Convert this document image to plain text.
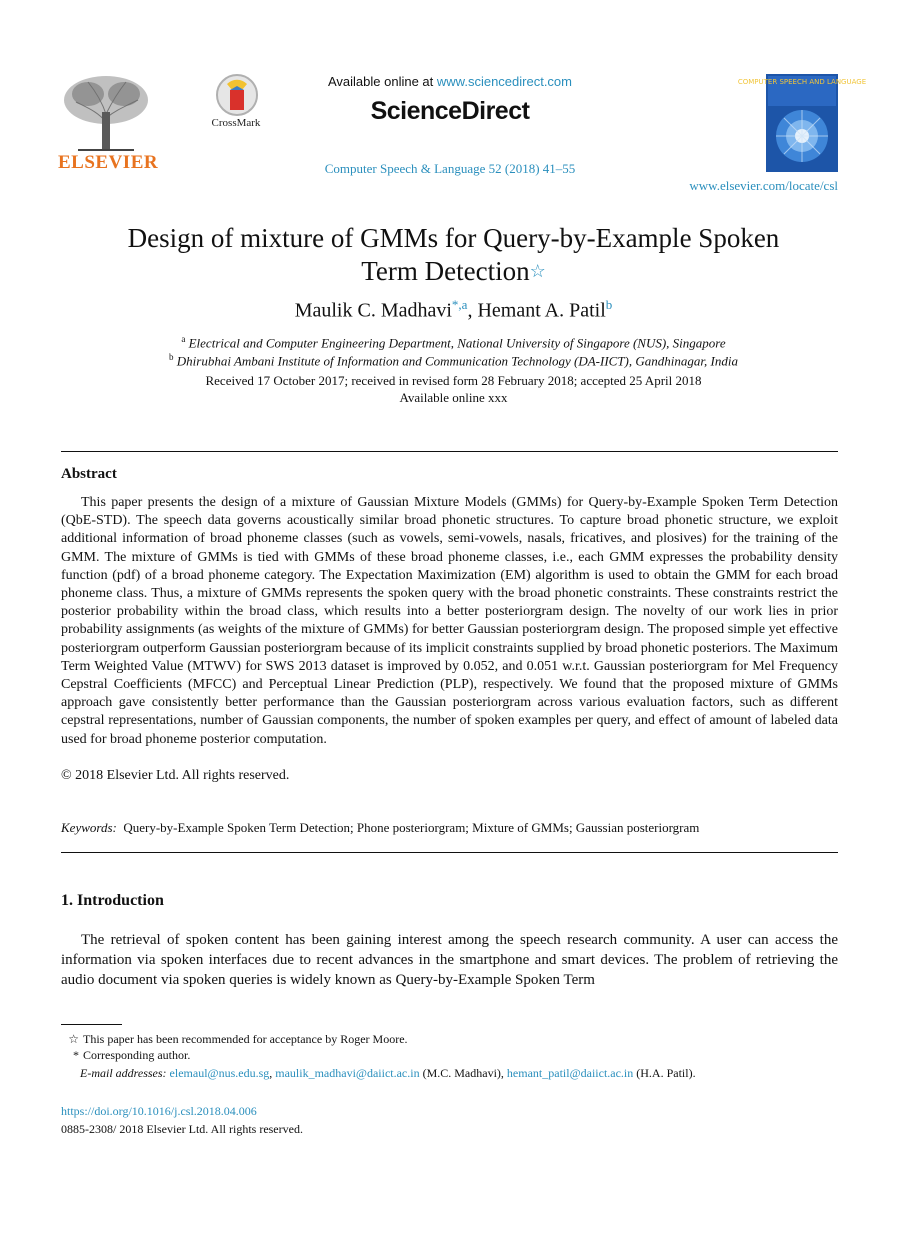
ELSEVIER
CrossMark
Available online at www.sciencedirect.com
ScienceDirect
Computer Speech & Language 52 (2018) 41–55
COMPUTER SPEECH AND LANGUAGE
www.elsevier.com/locate/csl
Design of mixture of GMMs for Query-by-Example Spoken
Term Detection☆
Maulik C. Madhavi$^{*,a}$, Hemant A. Patil$^b$
$^a$ Electrical and Computer Engineering Department, National University of Singapore (NUS), Singapore
$^b$ Dhirubhai Ambani Institute of Information and Communication Technology (DA-IICT), Gandhinagar, India
Received 17 October 2017; received in revised form 28 February 2018; accepted 25 April 2018
Available online xxx
Abstract
This paper presents the design of a mixture of Gaussian Mixture Models (GMMs) for Query-by-Example Spoken Term Detection (QbE-STD). The speech data governs acoustically similar broad phonetic structures. To capture broad phonetic structure, we exploit additional information of broad phoneme classes (such as vowels, semi-vowels, nasals, fricatives, and plosives) for the training of the GMM. The mixture of GMMs is tied with GMMs of these broad phoneme classes, i.e., each GMM expresses the probability density function (pdf) of a broad phoneme category. The Expectation Maximization (EM) algorithm is used to obtain the GMM for each broad phoneme class. Thus, a mixture of GMMs represents the spoken query with the broad phonetic constraints. These constraints restrict the posterior probability within the broad class, which results into a better posteriorgram design. The novelty of our work lies in prior probability assignments (as weights of the mixture of GMMs) for better Gaussian posteriorgram design. The proposed simple yet effective posteriorgram outperform Gaussian posteriorgram because of its implicit constraints supplied by broad phonetic posteriors. The Maximum Term Weighted Value (MTWV) for SWS 2013 dataset is improved by 0.052, and 0.051 w.r.t. Gaussian posteriorgram for Mel Frequency Cepstral Coefficients (MFCC) and Perceptual Linear Prediction (PLP), respectively. We found that the proposed mixture of GMMs approach gave consistently better performance than the Gaussian posteriorgram across various evaluation factors, such as different cepstral representations, number of Gaussian components, the number of spoken examples per query, and effect of amount of labeled data used for broad phoneme posterior computation.
© 2018 Elsevier Ltd. All rights reserved.
Keywords: Query-by-Example Spoken Term Detection; Phone posteriorgram; Mixture of GMMs; Gaussian posteriorgram
1. Introduction
The retrieval of spoken content has been gaining interest among the speech research community. A user can access the information via spoken interfaces due to recent advances in the smartphone and smart devices. The problem of retrieving the audio document via spoken queries is widely known as Query-by-Example Spoken Term
☆ This paper has been recommended for acceptance by Roger Moore.
* Corresponding author.
E-mail addresses: elemaul@nus.edu.sg, maulik_madhavi@daiict.ac.in (M.C. Madhavi), hemant_patil@daiict.ac.in (H.A. Patil).
https://doi.org/10.1016/j.csl.2018.04.006
0885-2308/ 2018 Elsevier Ltd. All rights reserved.
